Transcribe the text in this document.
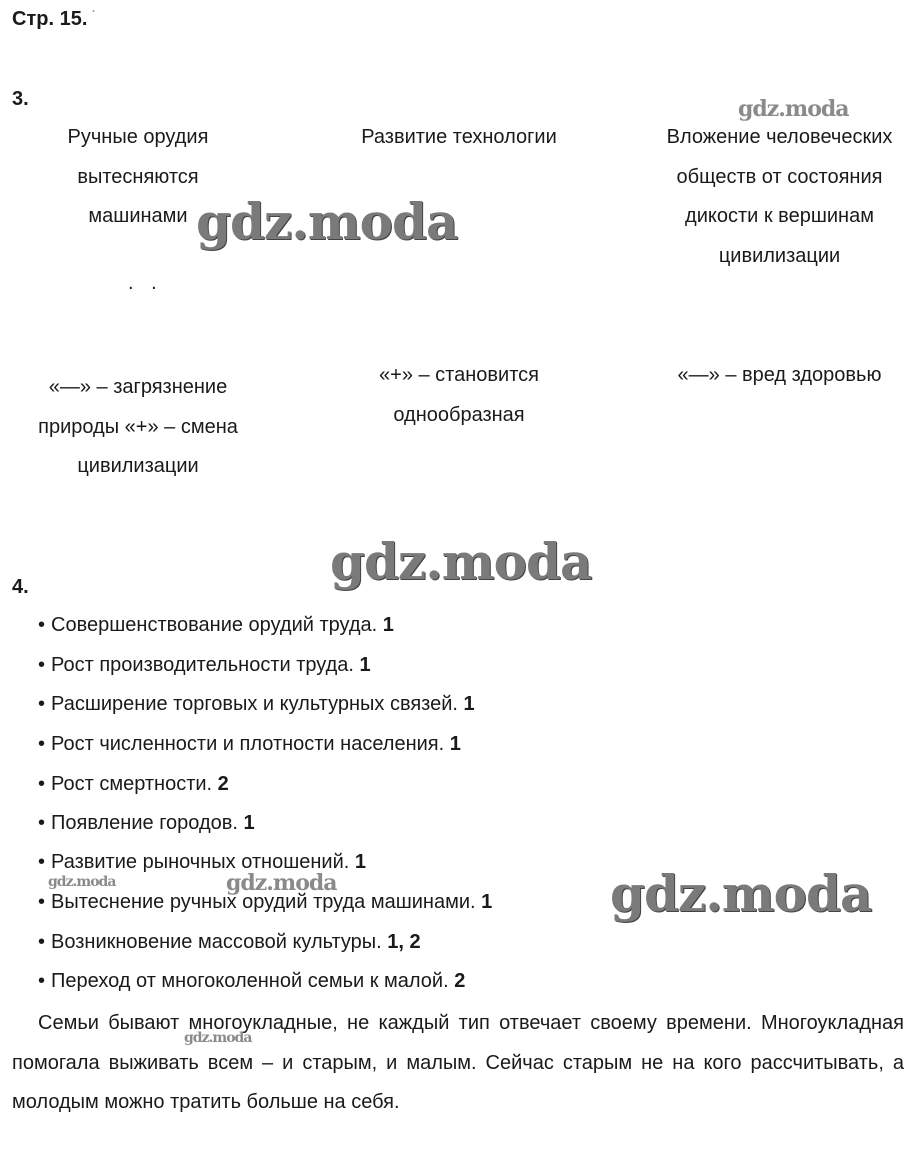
Стр. 15. $^ˊ$
3.
Ручные орудия вытесняются машинами
. .
«—» – загрязнение природы «+» – смена цивилизации
Развитие технологии
«+» – становится однообразная
Вложение человеческих обществ от состояния дикости к вершинам цивилизации
«—» – вред здоровью
4.
• Совершенствование орудий труда. 1
• Рост производительности труда. 1
• Расширение торговых и культурных связей. 1
• Рост численности и плотности населения. 1
• Рост смертности. 2
• Появление городов. 1
• Развитие рыночных отношений. 1
• Вытеснение ручных орудий труда машинами. 1
• Возникновение массовой культуры. 1, 2
• Переход от многоколенной семьи к малой. 2
Семьи бывают многоукладные, не каждый тип отвечает своему времени. Многоукладная помогала выживать всем – и старым, и малым. Сейчас старым не на кого рассчитывать, а молодым можно тратить больше на себя.
gdz.moda
gdz.moda
gdz.moda
gdz.moda	gdz.moda	gdz.moda
gdz.moda
